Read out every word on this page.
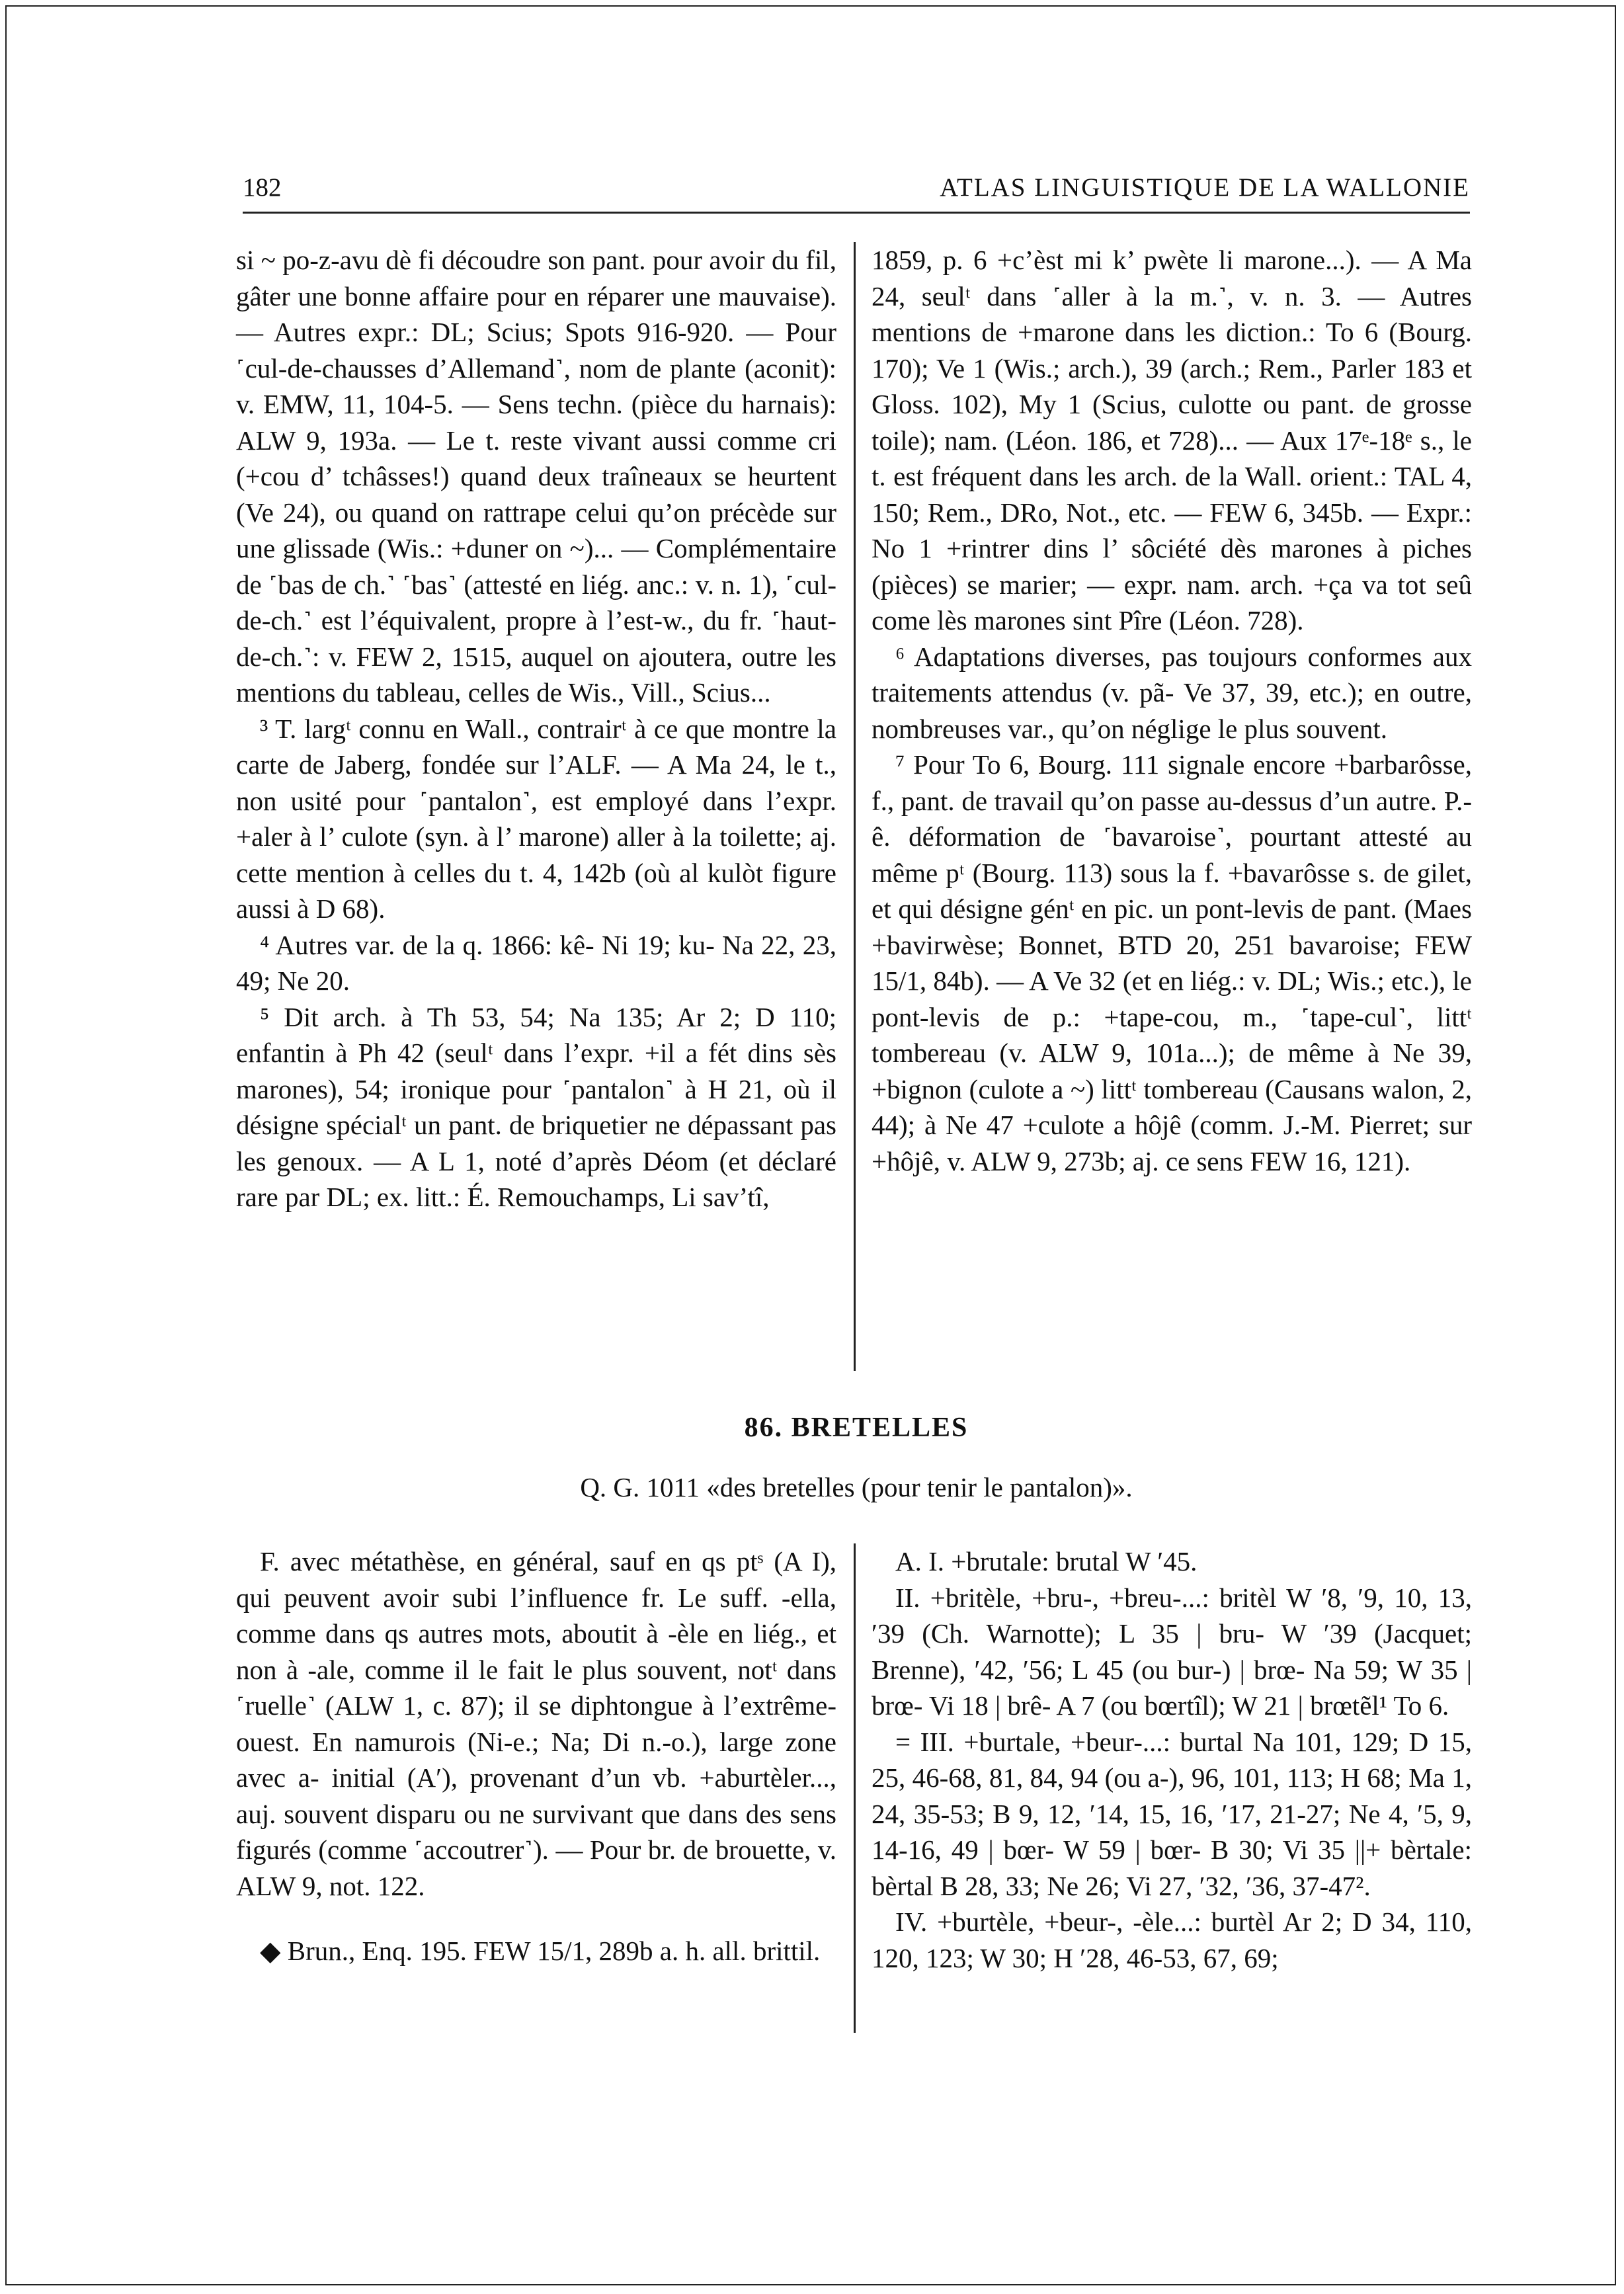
182	ATLAS LINGUISTIQUE DE LA WALLONIE

si ~ po-z-avu dè fi découdre son pant. pour avoir du fil, gâter une bonne affaire pour en réparer une mauvaise). — Autres expr.: DL; Scius; Spots 916-920. — Pour ˹cul-de-chausses d’Allemand˺, nom de plante (aconit): v. EMW, 11, 104-5. — Sens techn. (pièce du harnais): ALW 9, 193a. — Le t. reste vivant aussi comme cri (+cou d’ tchâsses!) quand deux traîneaux se heurtent (Ve 24), ou quand on rattrape celui qu’on précède sur une glissade (Wis.: +duner on ~)... — Complémentaire de ˹bas de ch.˺ ˹bas˺ (attesté en liég. anc.: v. n. 1), ˹cul-de-ch.˺ est l’équivalent, propre à l’est-w., du fr. ˹haut-de-ch.˺: v. FEW 2, 1515, auquel on ajoutera, outre les mentions du tableau, celles de Wis., Vill., Scius...

³ T. largᵗ connu en Wall., contrairᵗ à ce que montre la carte de Jaberg, fondée sur l’ALF. — A Ma 24, le t., non usité pour ˹pantalon˺, est employé dans l’expr. +aler à l’ culote (syn. à l’ marone) aller à la toilette; aj. cette mention à celles du t. 4, 142b (où al kulòt figure aussi à D 68).

⁴ Autres var. de la q. 1866: kê- Ni 19; ku- Na 22, 23, 49; Ne 20.

⁵ Dit arch. à Th 53, 54; Na 135; Ar 2; D 110; enfantin à Ph 42 (seulᵗ dans l’expr. +il a fét dins sès marones), 54; ironique pour ˹pantalon˺ à H 21, où il désigne spécialᵗ un pant. de briquetier ne dépassant pas les genoux. — A L 1, noté d’après Déom (et déclaré rare par DL; ex. litt.: É. Remouchamps, Li sav’tî,

1859, p. 6 +c’èst mi k’ pwète li marone...). — A Ma 24, seulᵗ dans ˹aller à la m.˺, v. n. 3. — Autres mentions de +marone dans les diction.: To 6 (Bourg. 170); Ve 1 (Wis.; arch.), 39 (arch.; Rem., Parler 183 et Gloss. 102), My 1 (Scius, culotte ou pant. de grosse toile); nam. (Léon. 186, et 728)... — Aux 17ᵉ-18ᵉ s., le t. est fréquent dans les arch. de la Wall. orient.: TAL 4, 150; Rem., DRo, Not., etc. — FEW 6, 345b. — Expr.: No 1 +rintrer dins l’ sôciété dès marones à piches (pièces) se marier; — expr. nam. arch. +ça va tot seû come lès marones sint Pîre (Léon. 728).

⁶ Adaptations diverses, pas toujours conformes aux traitements attendus (v. pã- Ve 37, 39, etc.); en outre, nombreuses var., qu’on néglige le plus souvent.

⁷ Pour To 6, Bourg. 111 signale encore +barbarôsse, f., pant. de travail qu’on passe au-dessus d’un autre. P.-ê. déformation de ˹bavaroise˺, pourtant attesté au même pᵗ (Bourg. 113) sous la f. +bavarôsse s. de gilet, et qui désigne génᵗ en pic. un pont-levis de pant. (Maes +bavirwèse; Bonnet, BTD 20, 251 bavaroise; FEW 15/1, 84b). — A Ve 32 (et en liég.: v. DL; Wis.; etc.), le pont-levis de p.: +tape-cou, m., ˹tape-cul˺, littᵗ tombereau (v. ALW 9, 101a...); de même à Ne 39, +bignon (culote a ~) littᵗ tombereau (Causans walon, 2, 44); à Ne 47 +culote a hôjê (comm. J.-M. Pierret; sur +hôjê, v. ALW 9, 273b; aj. ce sens FEW 16, 121).

86. BRETELLES
Q. G. 1011 «des bretelles (pour tenir le pantalon)».

F. avec métathèse, en général, sauf en qs ptˢ (A I), qui peuvent avoir subi l’influence fr. Le suff. -ella, comme dans qs autres mots, aboutit à -èle en liég., et non à -ale, comme il le fait le plus souvent, notᵗ dans ˹ruelle˺ (ALW 1, c. 87); il se diphtongue à l’extrême-ouest. En namurois (Ni-e.; Na; Di n.-o.), large zone avec a- initial (A′), provenant d’un vb. +aburtèler..., auj. souvent disparu ou ne survivant que dans des sens figurés (comme ˹accoutrer˺). — Pour br. de brouette, v. ALW 9, not. 122.

◆ Brun., Enq. 195. FEW 15/1, 289b a. h. all. brittil.

A. I. +brutale: brutal W ′45.

II. +britèle, +bru-, +breu-...: britèl W ′8, ′9, 10, 13, ′39 (Ch. Warnotte); L 35 | bru- W ′39 (Jacquet; Brenne), ′42, ′56; L 45 (ou bur-) | brœ- Na 59; W 35 | brœ- Vi 18 | brê- A 7 (ou bœrtîl); W 21 | brœtẽl¹ To 6.

= III. +burtale, +beur-...: burtal Na 101, 129; D 15, 25, 46-68, 81, 84, 94 (ou a-), 96, 101, 113; H 68; Ma 1, 24, 35-53; B 9, 12, ′14, 15, 16, ′17, 21-27; Ne 4, ′5, 9, 14-16, 49 | bœr- W 59 | bœr- B 30; Vi 35 ||+ bèrtale: bèrtal B 28, 33; Ne 26; Vi 27, ′32, ′36, 37-47².

IV. +burtèle, +beur-, -èle...: burtèl Ar 2; D 34, 110, 120, 123; W 30; H ′28, 46-53, 67, 69;
